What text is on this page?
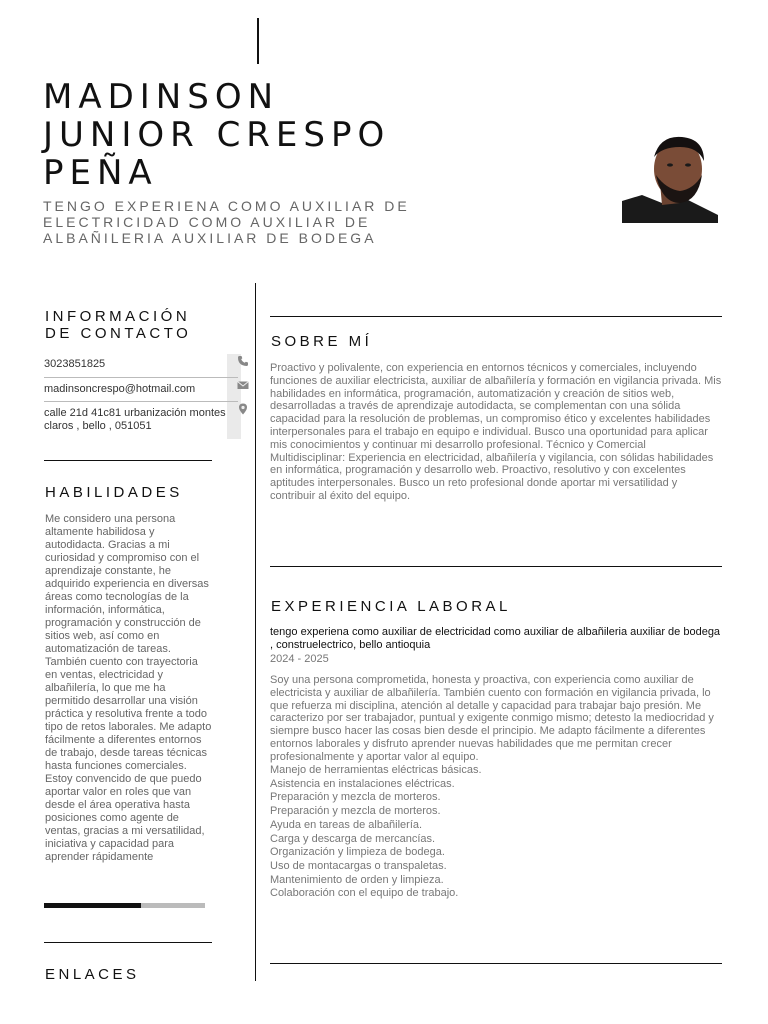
MADINSON
JUNIOR CRESPO
PEÑA

TENGO EXPERIENA COMO AUXILIAR DE
ELECTRICIDAD COMO AUXILIAR DE
ALBAÑILERIA AUXILIAR DE BODEGA

INFORMACIÓN
DE CONTACTO
3023851825
madinsoncrespo@hotmail.com
calle 21d 41c81 urbanización montes claros , bello , 051051
HABILIDADES

Me considero una persona altamente habilidosa y autodidacta. Gracias a mi curiosidad y compromiso con el aprendizaje constante, he adquirido experiencia en diversas áreas como tecnologías de la información, informática, programación y construcción de sitios web, así como en automatización de tareas. También cuento con trayectoria en ventas, electricidad y albañilería, lo que me ha permitido desarrollar una visión práctica y resolutiva frente a todo tipo de retos laborales. Me adapto fácilmente a diferentes entornos de trabajo, desde tareas técnicas hasta funciones comerciales. Estoy convencido de que puedo aportar valor en roles que van desde el área operativa hasta posiciones como agente de ventas, gracias a mi versatilidad, iniciativa y capacidad para aprender rápidamente

ENLACES
SOBRE MÍ

Proactivo y polivalente, con experiencia en entornos técnicos y comerciales, incluyendo funciones de auxiliar electricista, auxiliar de albañilería y formación en vigilancia privada. Mis habilidades en informática, programación, automatización y creación de sitios web, desarrolladas a través de aprendizaje autodidacta, se complementan con una sólida capacidad para la resolución de problemas, un compromiso ético y excelentes habilidades interpersonales para el trabajo en equipo e individual. Busco una oportunidad para aplicar mis conocimientos y continuar mi desarrollo profesional. Técnico y Comercial Multidisciplinar: Experiencia en electricidad, albañilería y vigilancia, con sólidas habilidades en informática, programación y desarrollo web. Proactivo, resolutivo y con excelentes aptitudes interpersonales. Busco un reto profesional donde aportar mi versatilidad y contribuir al éxito del equipo.

EXPERIENCIA LABORAL

tengo experiena como auxiliar de electricidad como auxiliar de albañileria auxiliar de bodega , construelectrico, bello antioquia

2024 - 2025

Soy una persona comprometida, honesta y proactiva, con experiencia como auxiliar de electricista y auxiliar de albañilería. También cuento con formación en vigilancia privada, lo que refuerza mi disciplina, atención al detalle y capacidad para trabajar bajo presión. Me caracterizo por ser trabajador, puntual y exigente conmigo mismo; detesto la mediocridad y siempre busco hacer las cosas bien desde el principio. Me adapto fácilmente a diferentes entornos laborales y disfruto aprender nuevas habilidades que me permitan crecer profesionalmente y aportar valor al equipo.

Manejo de herramientas eléctricas básicas.
Asistencia en instalaciones eléctricas.
Preparación y mezcla de morteros.
Preparación y mezcla de morteros.
Ayuda en tareas de albañilería.
Carga y descarga de mercancías.
Organización y limpieza de bodega.
Uso de montacargas o transpaletas.
Mantenimiento de orden y limpieza.
Colaboración con el equipo de trabajo.
